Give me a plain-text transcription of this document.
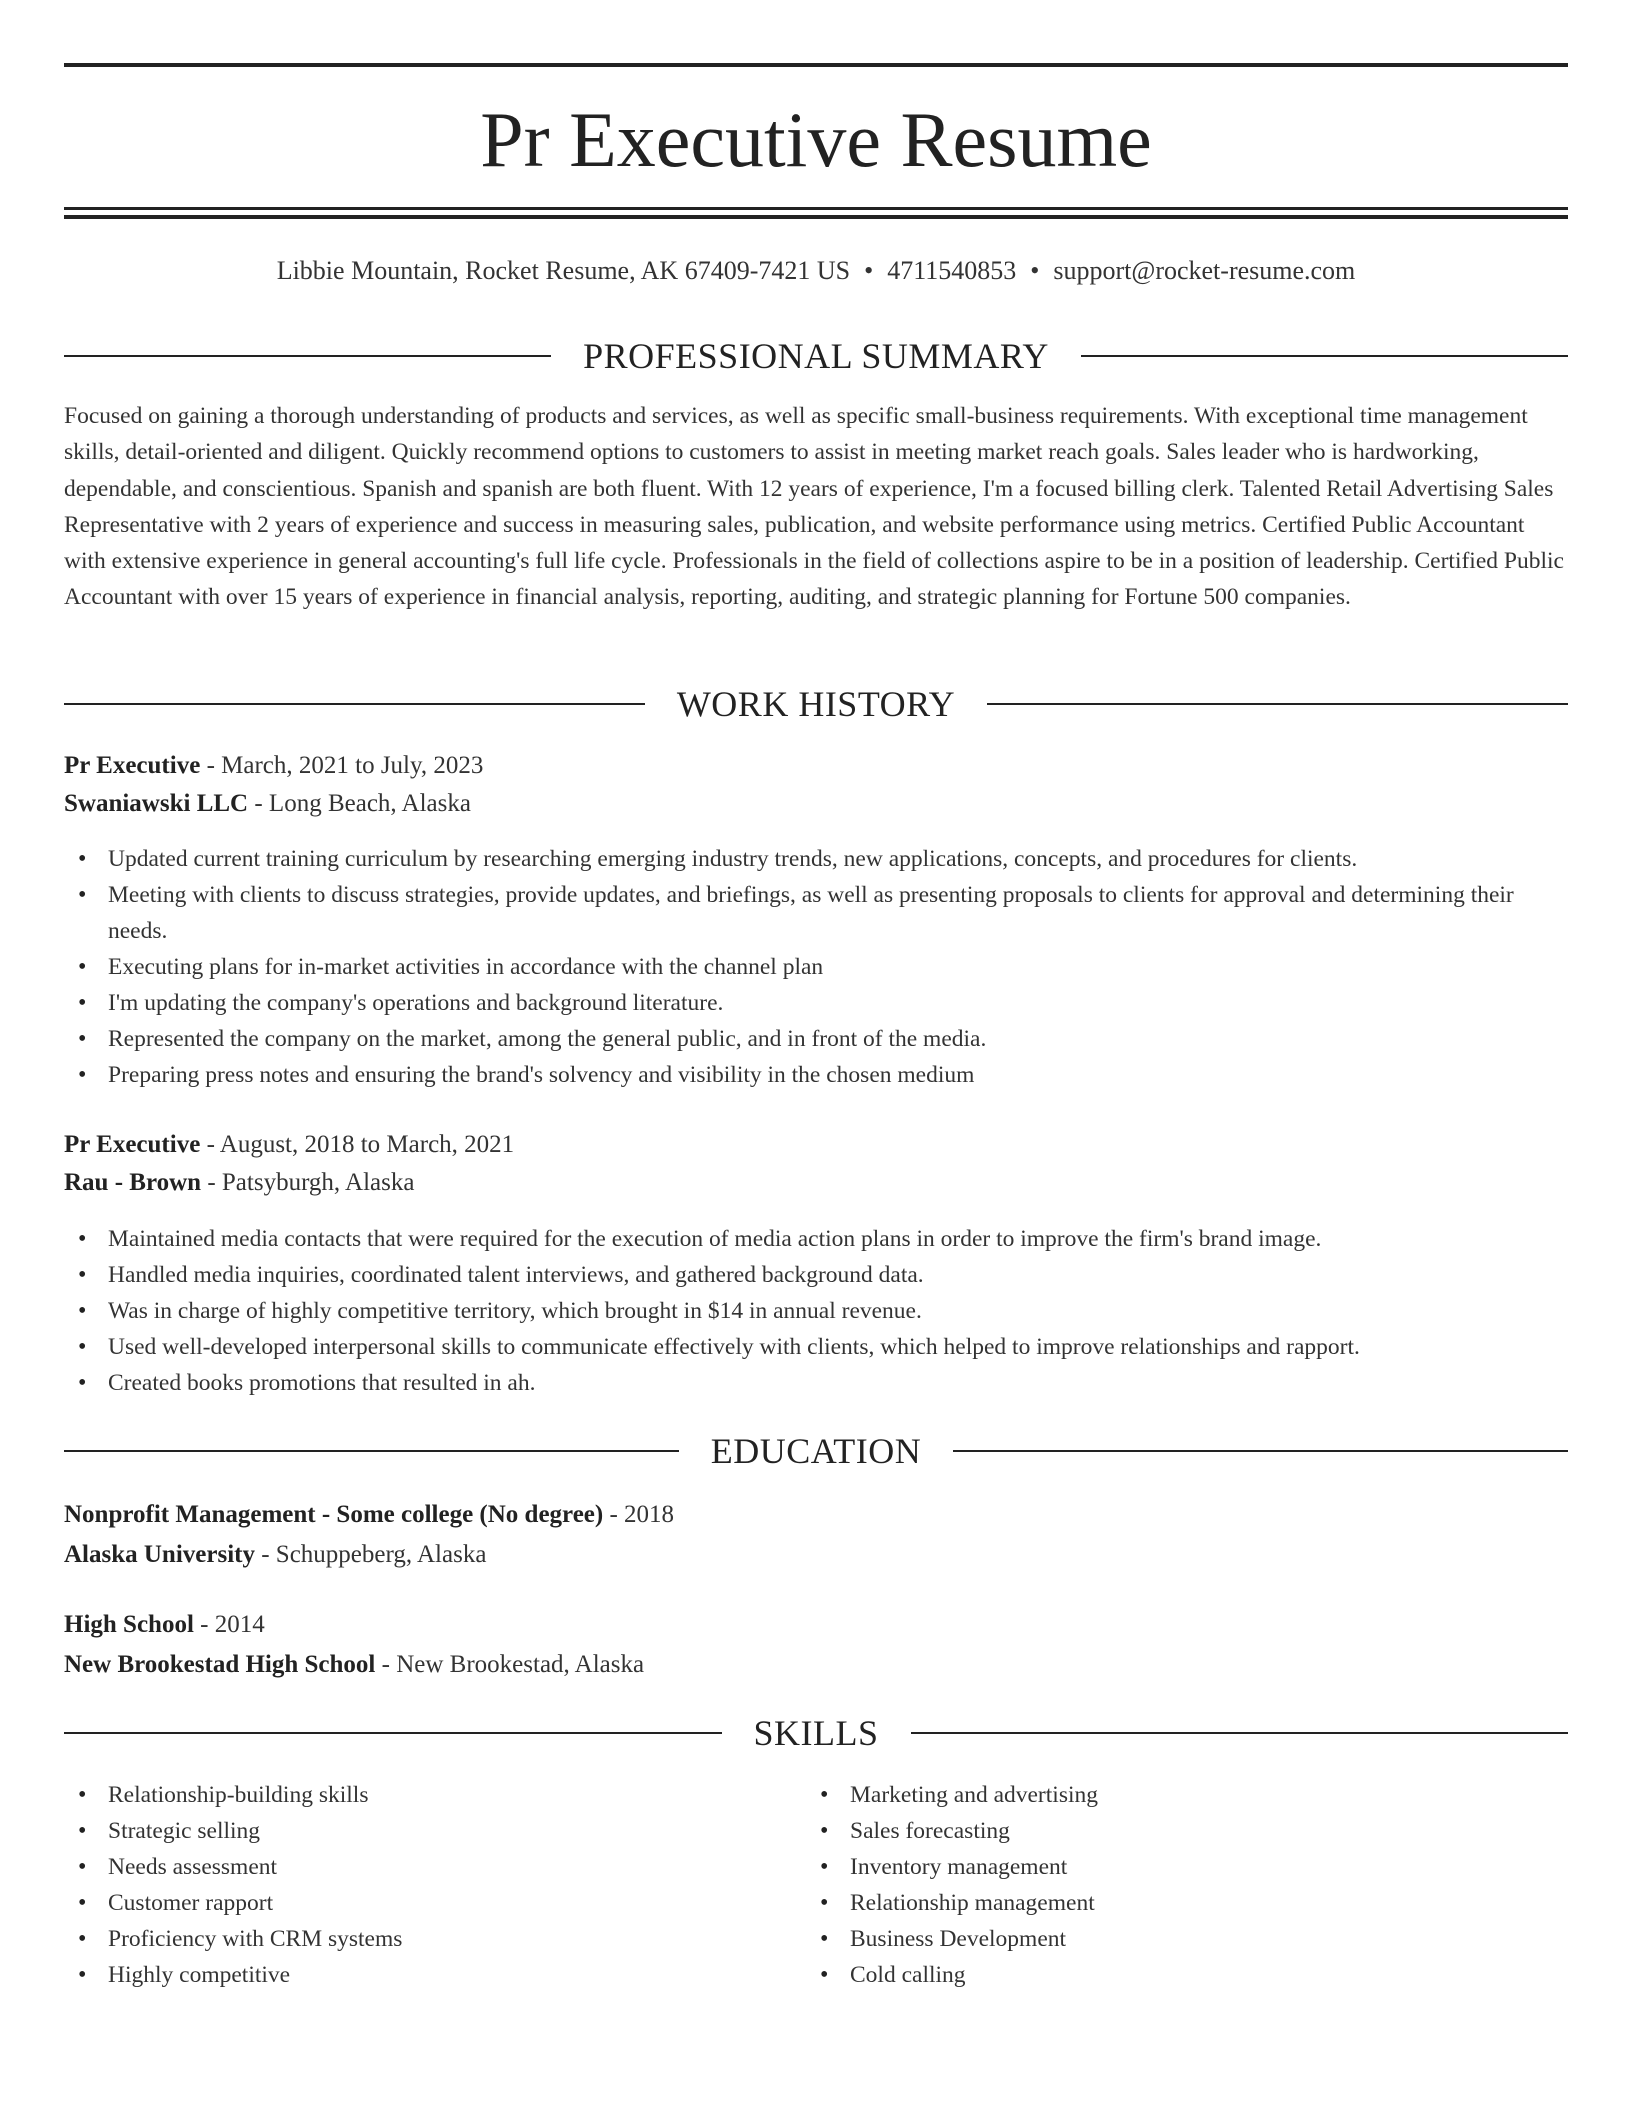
Pr Executive Resume
Libbie Mountain, Rocket Resume, AK 67409-7421 US • 4711540853 • support@rocket-resume.com
PROFESSIONAL SUMMARY

Focused on gaining a thorough understanding of products and services, as well as specific small-business requirements. With exceptional time management skills, detail-oriented and diligent. Quickly recommend options to customers to assist in meeting market reach goals. Sales leader who is hardworking, dependable, and conscientious. Spanish and spanish are both fluent. With 12 years of experience, I'm a focused billing clerk. Talented Retail Advertising Sales Representative with 2 years of experience and success in measuring sales, publication, and website performance using metrics. Certified Public Accountant with extensive experience in general accounting's full life cycle. Professionals in the field of collections aspire to be in a position of leadership. Certified Public Accountant with over 15 years of experience in financial analysis, reporting, auditing, and strategic planning for Fortune 500 companies.

WORK HISTORY
Pr Executive - March, 2021 to July, 2023
Swaniawski LLC - Long Beach, Alaska
• Updated current training curriculum by researching emerging industry trends, new applications, concepts, and procedures for clients.
• Meeting with clients to discuss strategies, provide updates, and briefings, as well as presenting proposals to clients for approval and determining their needs.
• Executing plans for in-market activities in accordance with the channel plan
• I'm updating the company's operations and background literature.
• Represented the company on the market, among the general public, and in front of the media.
• Preparing press notes and ensuring the brand's solvency and visibility in the chosen medium
Pr Executive - August, 2018 to March, 2021
Rau - Brown - Patsyburgh, Alaska
• Maintained media contacts that were required for the execution of media action plans in order to improve the firm's brand image.
• Handled media inquiries, coordinated talent interviews, and gathered background data.
• Was in charge of highly competitive territory, which brought in $14 in annual revenue.
• Used well-developed interpersonal skills to communicate effectively with clients, which helped to improve relationships and rapport.
• Created books promotions that resulted in ah.
EDUCATION
Nonprofit Management - Some college (No degree) - 2018
Alaska University - Schuppeberg, Alaska
High School - 2014
New Brookestad High School - New Brookestad, Alaska
SKILLS
• Relationship-building skills
• Strategic selling
• Needs assessment
• Customer rapport
• Proficiency with CRM systems
• Highly competitive
• Marketing and advertising
• Sales forecasting
• Inventory management
• Relationship management
• Business Development
• Cold calling
